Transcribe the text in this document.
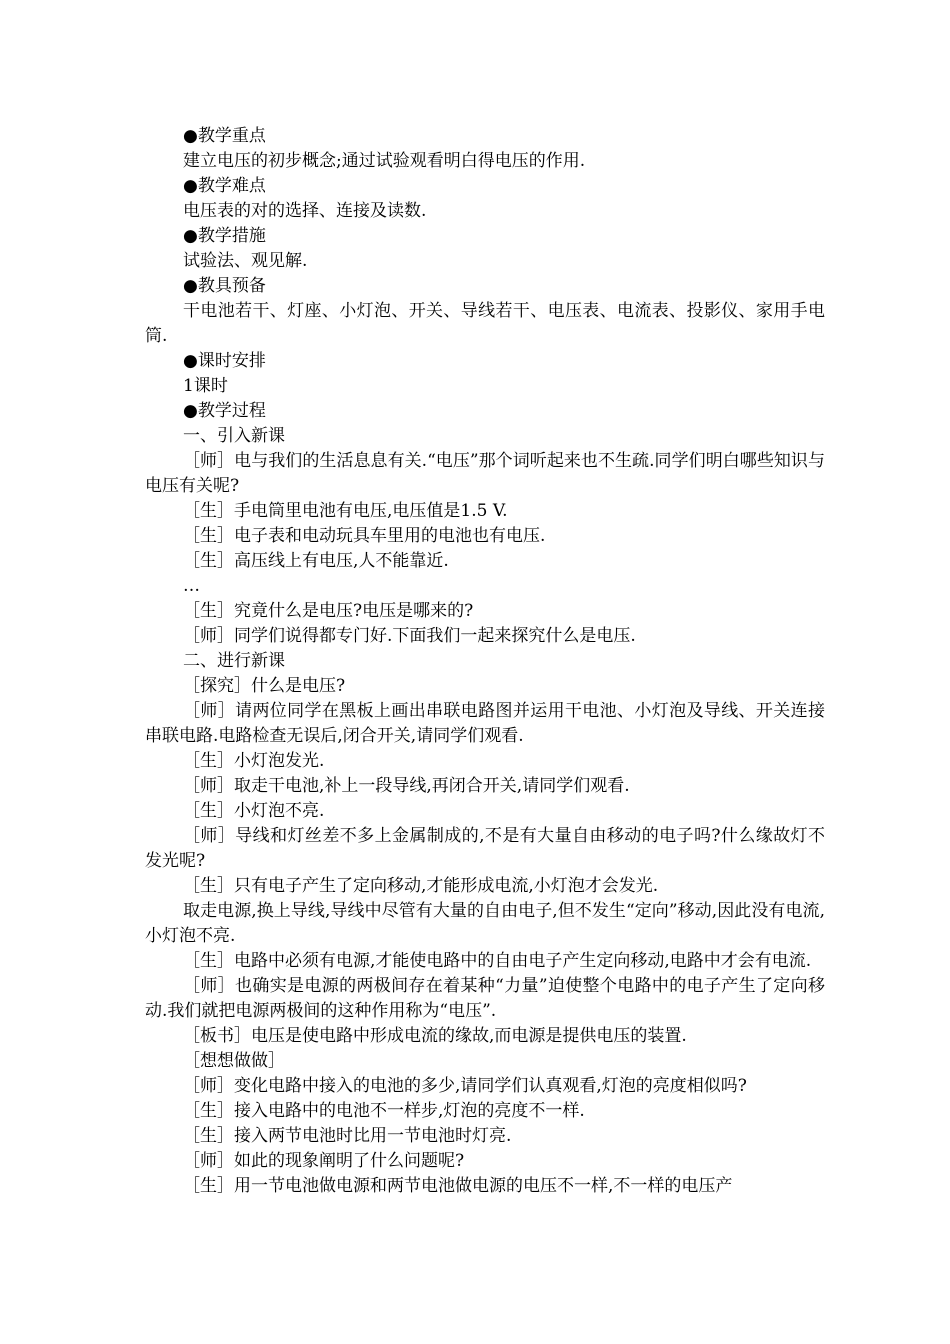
●教学重点

建立电压的初步概念;通过试验观看明白得电压的作用.

●教学难点

电压表的对的选择、连接及读数.

●教学措施

试验法、观见解.

●教具预备

干电池若干、灯座、小灯泡、开关、导线若干、电压表、电流表、投影仪、家用手电筒.

●课时安排

1课时

●教学过程

一、引入新课

［师］电与我们的生活息息有关.“电压”那个词听起来也不生疏.同学们明白哪些知识与电压有关呢?

［生］手电筒里电池有电压,电压值是1.5 V.

［生］电子表和电动玩具车里用的电池也有电压.

［生］高压线上有电压,人不能靠近.

…

［生］究竟什么是电压?电压是哪来的?

［师］同学们说得都专门好.下面我们一起来探究什么是电压.

二、进行新课

［探究］什么是电压?

［师］请两位同学在黑板上画出串联电路图并运用干电池、小灯泡及导线、开关连接串联电路.电路检查无误后,闭合开关,请同学们观看.

［生］小灯泡发光.

［师］取走干电池,补上一段导线,再闭合开关,请同学们观看.

［生］小灯泡不亮.

［师］导线和灯丝差不多上金属制成的,不是有大量自由移动的电子吗?什么缘故灯不发光呢?

［生］只有电子产生了定向移动,才能形成电流,小灯泡才会发光.

取走电源,换上导线,导线中尽管有大量的自由电子,但不发生“定向”移动,因此没有电流,小灯泡不亮.

［生］电路中必须有电源,才能使电路中的自由电子产生定向移动,电路中才会有电流.

［师］也确实是电源的两极间存在着某种“力量”迫使整个电路中的电子产生了定向移动.我们就把电源两极间的这种作用称为“电压”.

［板书］电压是使电路中形成电流的缘故,而电源是提供电压的装置.

［想想做做］

［师］变化电路中接入的电池的多少,请同学们认真观看,灯泡的亮度相似吗?

［生］接入电路中的电池不一样步,灯泡的亮度不一样.

［生］接入两节电池时比用一节电池时灯亮.

［师］如此的现象阐明了什么问题呢?

［生］用一节电池做电源和两节电池做电源的电压不一样,不一样的电压产
